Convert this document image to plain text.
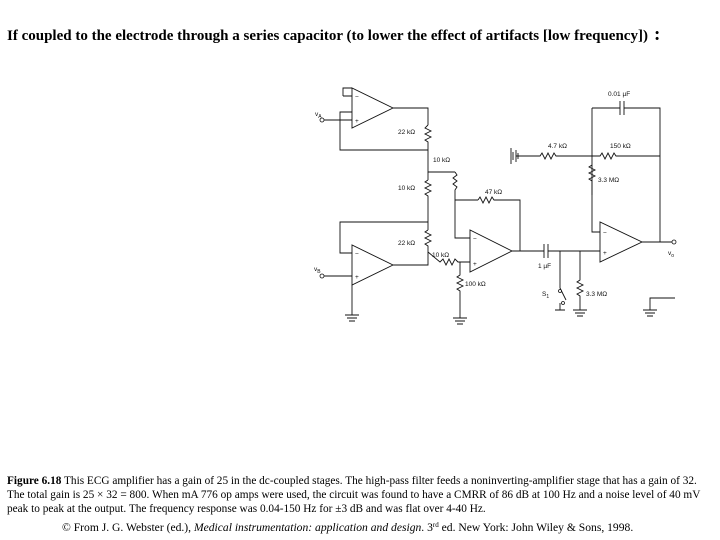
If coupled to the electrode through a series capacitor (to lower the effect of artifacts [low frequency]) :
$v_A$
$v_B$
$v_o$
22 kΩ
10 kΩ
10 kΩ
22 kΩ
10 kΩ
47 kΩ
100 kΩ
1 µF
0.01 µF
4.7 kΩ	150 kΩ
3.3 MΩ
3.3 MΩ
$S_1$
−
+
−
+
−
+
−
+
Figure 6.18 This ECG amplifier has a gain of 25 in the dc-coupled stages. The high-pass filter feeds a noninverting-amplifier stage that has a gain of 32. The total gain is 25 × 32 = 800. When mA 776 op amps were used, the circuit was found to have a CMRR of 86 dB at 100 Hz and a noise level of 40 mV peak to peak at the output. The frequency response was 0.04-150 Hz for ±3 dB and was flat over 4-40 Hz.
© From J. G. Webster (ed.), Medical instrumentation: application and design. 3rd ed. New York: John Wiley & Sons, 1998.
